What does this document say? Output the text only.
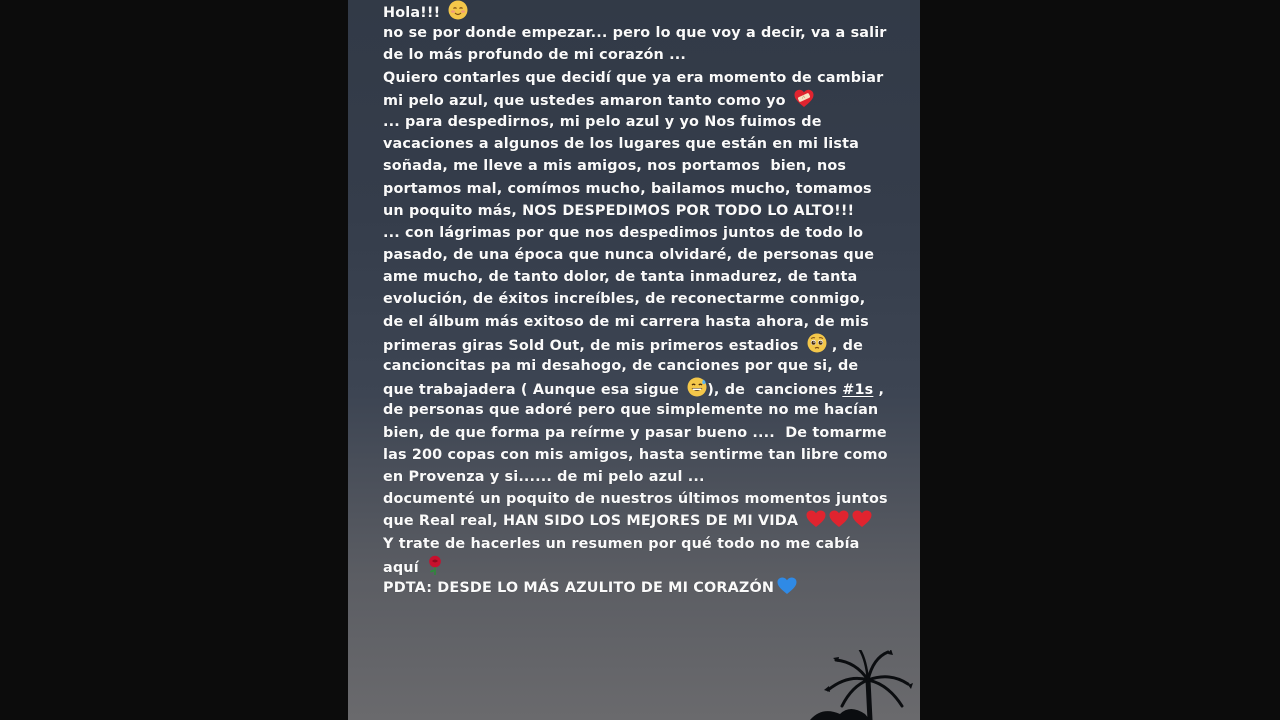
Hola!!!
no se por donde empezar... pero lo que voy a decir, va a salir
de lo más profundo de mi corazón ...
Quiero contarles que decidí que ya era momento de cambiar
mi pelo azul, que ustedes amaron tanto como yo
... para despedirnos, mi pelo azul y yo Nos fuimos de
vacaciones a algunos de los lugares que están en mi lista
soñada, me lleve a mis amigos, nos portamos  bien, nos
portamos mal, comímos mucho, bailamos mucho, tomamos
un poquito más, NOS DESPEDIMOS POR TODO LO ALTO!!!
... con lágrimas por que nos despedimos juntos de todo lo
pasado, de una época que nunca olvidaré, de personas que
ame mucho, de tanto dolor, de tanta inmadurez, de tanta
evolución, de éxitos increíbles, de reconectarme conmigo,
de el álbum más exitoso de mi carrera hasta ahora, de mis
primeras giras Sold Out, de mis primeros estadios  , de
cancioncitas pa mi desahogo, de canciones por que si, de
que trabajadera ( Aunque esa sigue ), de  canciones #1s ,
de personas que adoré pero que simplemente no me hacían
bien, de que forma pa reírme y pasar bueno ....  De tomarme
las 200 copas con mis amigos, hasta sentirme tan libre como
en Provenza y si...... de mi pelo azul ...
documenté un poquito de nuestros últimos momentos juntos
que Real real, HAN SIDO LOS MEJORES DE MI VIDA
Y trate de hacerles un resumen por qué todo no me cabía
aquí
PDTA: DESDE LO MÁS AZULITO DE MI CORAZÓN
